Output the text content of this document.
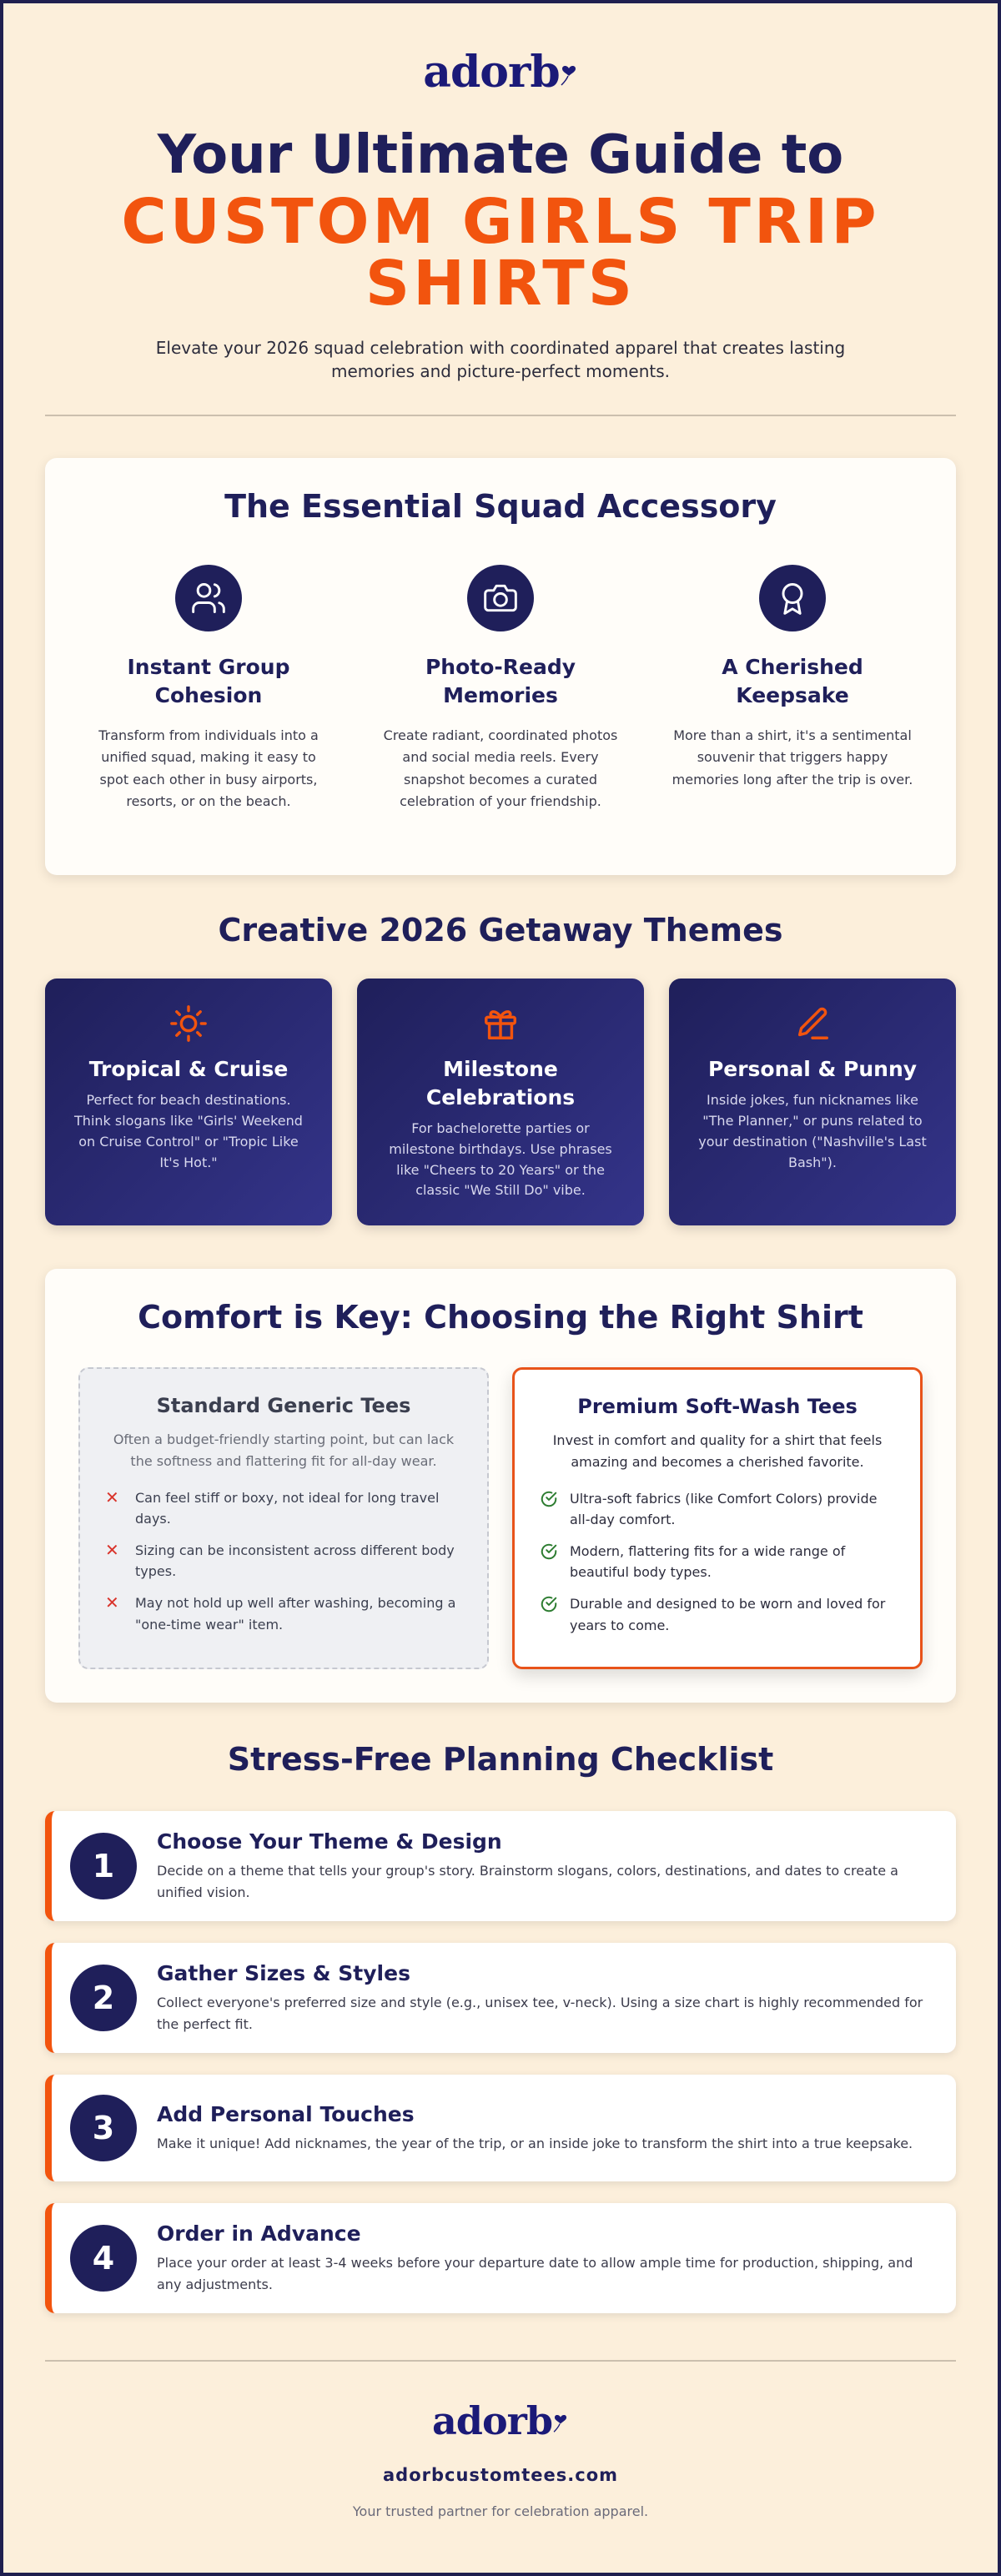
adorb
Your Ultimate Guide to
CUSTOM GIRLS TRIP SHIRTS

Elevate your 2026 squad celebration with coordinated apparel that creates lasting memories and picture-perfect moments.

The Essential Squad Accessory
Instant Group Cohesion

Transform from individuals into a unified squad, making it easy to spot each other in busy airports, resorts, or on the beach.

Photo-Ready Memories

Create radiant, coordinated photos and social media reels. Every snapshot becomes a curated celebration of your friendship.

A Cherished Keepsake

More than a shirt, it's a sentimental souvenir that triggers happy memories long after the trip is over.

Creative 2026 Getaway Themes
Tropical & Cruise

Perfect for beach destinations. Think slogans like "Girls' Weekend on Cruise Control" or "Tropic Like It's Hot."

Milestone Celebrations

For bachelorette parties or milestone birthdays. Use phrases like "Cheers to 20 Years" or the classic "We Still Do" vibe.

Personal & Punny

Inside jokes, fun nicknames like "The Planner," or puns related to your destination ("Nashville's Last Bash").

Comfort is Key: Choosing the Right Shirt
Standard Generic Tees

Often a budget-friendly starting point, but can lack the softness and flattering fit for all-day wear.

✕	Can feel stiff or boxy, not ideal for long travel days.
✕	Sizing can be inconsistent across different body types.
✕	May not hold up well after washing, becoming a "one-time wear" item.
Premium Soft-Wash Tees

Invest in comfort and quality for a shirt that feels amazing and becomes a cherished favorite.

Ultra-soft fabrics (like Comfort Colors) provide all-day comfort.
Modern, flattering fits for a wide range of beautiful body types.
Durable and designed to be worn and loved for years to come.
Stress-Free Planning Checklist
1
Choose Your Theme & Design

Decide on a theme that tells your group's story. Brainstorm slogans, colors, destinations, and dates to create a unified vision.

2
Gather Sizes & Styles

Collect everyone's preferred size and style (e.g., unisex tee, v-neck). Using a size chart is highly recommended for the perfect fit.

3	Add Personal Touches

Make it unique! Add nicknames, the year of the trip, or an inside joke to transform the shirt into a true keepsake.

4
Order in Advance

Place your order at least 3-4 weeks before your departure date to allow ample time for production, shipping, and any adjustments.

adorb

adorbcustomtees.com

Your trusted partner for celebration apparel.
